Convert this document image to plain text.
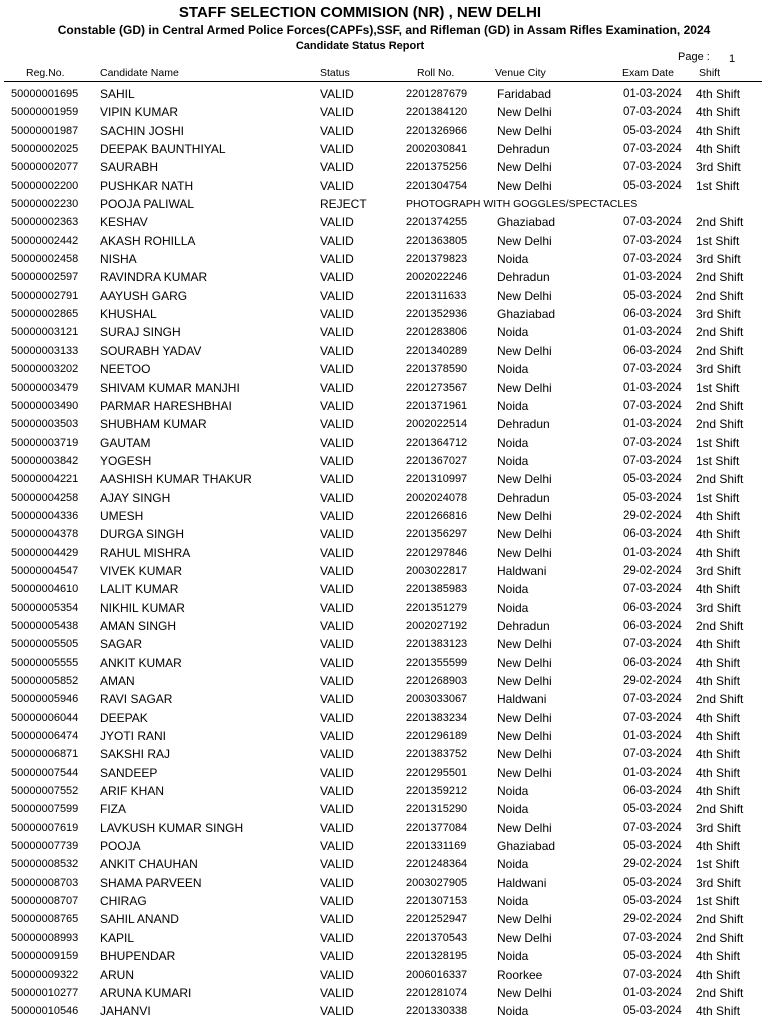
STAFF SELECTION COMMISION (NR) , NEW DELHI
Constable (GD) in Central Armed Police Forces(CAPFs),SSF, and Rifleman (GD) in Assam Rifles Examination, 2024
Candidate Status Report
Page : 1
Reg.No.	Candidate Name	Status	Roll No.	Venue City	Exam Date Shift
50000001695 SAHIL	VALID	2201287679 Faridabad	01-03-2024 4th Shift
50000001959 VIPIN KUMAR	VALID	2201384120 New Delhi	07-03-2024 4th Shift
50000001987 SACHIN JOSHI	VALID	2201326966 New Delhi	05-03-2024 4th Shift
50000002025 DEEPAK BAUNTHIYAL	VALID	2002030841 Dehradun	07-03-2024 4th Shift
50000002077 SAURABH	VALID	2201375256 New Delhi	07-03-2024 3rd Shift
50000002200 PUSHKAR NATH	VALID	2201304754 New Delhi	05-03-2024 1st Shift
50000002230 POOJA PALIWAL	REJECT	PHOTOGRAPH WITH GOGGLES/SPECTACLES
50000002363 KESHAV	VALID	2201374255 Ghaziabad	07-03-2024 2nd Shift
50000002442 AKASH ROHILLA	VALID	2201363805 New Delhi	07-03-2024 1st Shift
50000002458 NISHA	VALID	2201379823 Noida	07-03-2024 3rd Shift
50000002597 RAVINDRA KUMAR	VALID	2002022246 Dehradun	01-03-2024 2nd Shift
50000002791 AAYUSH GARG	VALID	2201311633	New Delhi	05-03-2024 2nd Shift
50000002865 KHUSHAL	VALID	2201352936 Ghaziabad	06-03-2024 3rd Shift
50000003121 SURAJ SINGH	VALID	2201283806 Noida	01-03-2024 2nd Shift
50000003133 SOURABH YADAV	VALID	2201340289 New Delhi	06-03-2024 2nd Shift
50000003202 NEETOO	VALID	2201378590 Noida	07-03-2024 3rd Shift
50000003479 SHIVAM KUMAR MANJHI	VALID	2201273567 New Delhi	01-03-2024 1st Shift
50000003490 PARMAR HARESHBHAI	VALID	2201371961 Noida	07-03-2024 2nd Shift
50000003503 SHUBHAM KUMAR	VALID	2002022514 Dehradun	01-03-2024 2nd Shift
50000003719 GAUTAM	VALID	2201364712 Noida	07-03-2024 1st Shift
50000003842 YOGESH	VALID	2201367027 Noida	07-03-2024 1st Shift
50000004221 AASHISH KUMAR THAKUR	VALID	2201310997 New Delhi	05-03-2024 2nd Shift
50000004258 AJAY SINGH	VALID	2002024078 Dehradun	05-03-2024 1st Shift
50000004336 UMESH	VALID	2201266816 New Delhi	29-02-2024 4th Shift
50000004378 DURGA SINGH	VALID	2201356297 New Delhi	06-03-2024 4th Shift
50000004429 RAHUL MISHRA	VALID	2201297846 New Delhi	01-03-2024 4th Shift
50000004547 VIVEK KUMAR	VALID	2003022817 Haldwani	29-02-2024 3rd Shift
50000004610 LALIT KUMAR	VALID	2201385983 Noida	07-03-2024 4th Shift
50000005354 NIKHIL KUMAR	VALID	2201351279 Noida	06-03-2024 3rd Shift
50000005438 AMAN SINGH	VALID	2002027192 Dehradun	06-03-2024 2nd Shift
50000005505 SAGAR	VALID	2201383123 New Delhi	07-03-2024 4th Shift
50000005555 ANKIT KUMAR	VALID	2201355599 New Delhi	06-03-2024 4th Shift
50000005852 AMAN	VALID	2201268903 New Delhi	29-02-2024 4th Shift
50000005946 RAVI SAGAR	VALID	2003033067 Haldwani	07-03-2024 2nd Shift
50000006044 DEEPAK	VALID	2201383234 New Delhi	07-03-2024 4th Shift
50000006474 JYOTI RANI	VALID	2201296189 New Delhi	01-03-2024 4th Shift
50000006871 SAKSHI RAJ	VALID	2201383752 New Delhi	07-03-2024 4th Shift
50000007544 SANDEEP	VALID	2201295501 New Delhi	01-03-2024 4th Shift
50000007552 ARIF KHAN	VALID	2201359212 Noida	06-03-2024 4th Shift
50000007599 FIZA	VALID	2201315290 Noida	05-03-2024 2nd Shift
50000007619 LAVKUSH KUMAR SINGH	VALID	2201377084 New Delhi	07-03-2024 3rd Shift
50000007739 POOJA	VALID	2201331169	Ghaziabad	05-03-2024 4th Shift
50000008532 ANKIT CHAUHAN	VALID	2201248364 Noida	29-02-2024 1st Shift
50000008703 SHAMA PARVEEN	VALID	2003027905 Haldwani	05-03-2024 3rd Shift
50000008707 CHIRAG	VALID	2201307153 Noida	05-03-2024 1st Shift
50000008765 SAHIL ANAND	VALID	2201252947 New Delhi	29-02-2024 2nd Shift
50000008993 KAPIL	VALID	2201370543 New Delhi	07-03-2024 2nd Shift
50000009159 BHUPENDAR	VALID	2201328195 Noida	05-03-2024 4th Shift
50000009322 ARUN	VALID	2006016337 Roorkee	07-03-2024 4th Shift
50000010277 ARUNA KUMARI	VALID	2201281074 New Delhi	01-03-2024 2nd Shift
50000010546 JAHANVI	VALID	2201330338 Noida	05-03-2024 4th Shift
